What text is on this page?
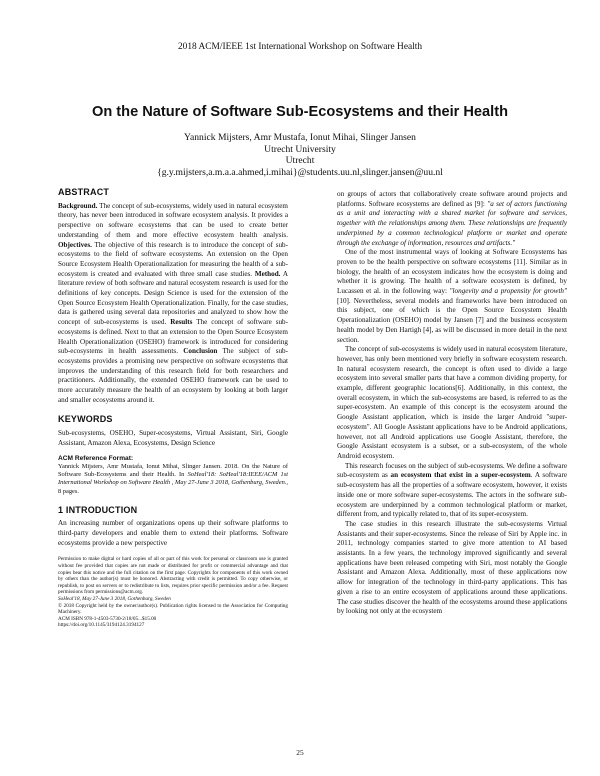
2018 ACM/IEEE 1st International Workshop on Software Health
On the Nature of Software Sub-Ecosystems and their Health
Yannick Mijsters, Amr Mustafa, Ionut Mihai, Slinger Jansen
Utrecht University
Utrecht
{g.y.mijsters,a.m.a.a.ahmed,i.mihai}@students.uu.nl,slinger.jansen@uu.nl
ABSTRACT

Background. The concept of sub-ecosystems, widely used in natural ecosystem theory, has never been introduced in software ecosystem analysis. It provides a perspective on software ecosystems that can be used to create better understanding of them and more effective ecosystem health analysis. Objectives. The objective of this research is to introduce the concept of sub-ecosystems to the field of software ecosystems. An extension on the Open Source Ecosystem Health Operationalization for measuring the health of a sub-ecosystem is created and evaluated with three small case studies. Method. A literature review of both software and natural ecosystem research is used for the definitions of key concepts. Design Science is used for the extension of the Open Source Ecosystem Health Operationalization. Finally, for the case studies, data is gathered using several data repositories and analyzed to show how the concept of sub-ecosystems is used. Results The concept of software sub-ecosystems is defined. Next to that an extension to the Open Source Ecosystem Health Operationalization (OSEHO) framework is introduced for considering sub-ecosystems in health assessments. Conclusion The subject of sub-ecosystems provides a promising new perspective on software ecosystems that improves the understanding of this research field for both researchers and practitioners. Additionally, the extended OSEHO framework can be used to more accurately measure the health of an ecosystem by looking at both larger and smaller ecosystems around it.

KEYWORDS

Sub-ecosystems, OSEHO, Super-ecosystems, Virtual Assistant, Siri, Google Assistant, Amazon Alexa, Ecosystems, Design Science

ACM Reference Format:

Yannick Mijsters, Amr Mustafa, Ionut Mihai, Slinger Jansen. 2018. On the Nature of Software Sub-Ecosystems and their Health. In SoHeal'18: SoHeal'18:IEEE/ACM 1st International Workshop on Software Health , May 27-June 3 2018, Gothenburg, Sweden., 8 pages.

1 INTRODUCTION

An increasing number of organizations opens up their software platforms to third-party developers and enable them to extend their platforms. Software ecosystems provide a new perspective

Permission to make digital or hard copies of all or part of this work for personal or classroom use is granted without fee provided that copies are not made or distributed for profit or commercial advantage and that copies bear this notice and the full citation on the first page. Copyrights for components of this work owned by others than the author(s) must be honored. Abstracting with credit is permitted. To copy otherwise, or republish, to post on servers or to redistribute to lists, requires prior specific permission and/or a fee. Request permissions from permissions@acm.org.
SoHeal'18, May 27-June 3 2018, Gothenburg, Sweden
© 2018 Copyright held by the owner/author(s). Publication rights licensed to the Association for Computing Machinery.
ACM ISBN 978-1-4503-5730-2/18/05...$15.00
https://doi.org/10.1145/3194124.3194127

on groups of actors that collaboratively create software around projects and platforms. Software ecosystems are defined as [9]: "a set of actors functioning as a unit and interacting with a shared market for software and services, together with the relationships among them. These relationships are frequently underpinned by a common technological platform or market and operate through the exchange of information, resources and artifacts."

One of the most instrumental ways of looking at Software Ecosystems has proven to be the health perspective on software ecosystems [11]. Similar as in biology, the health of an ecosystem indicates how the ecosystem is doing and whether it is growing. The health of a software ecosystem is defined, by Lucassen et al. in the following way: "longevity and a propensity for growth"[10]. Nevertheless, several models and frameworks have been introduced on this subject, one of which is the Open Source Ecosystem Health Operationalization (OSEHO) model by Jansen [7] and the business ecosystem health model by Den Hartigh [4], as will be discussed in more detail in the next section.

The concept of sub-ecosystems is widely used in natural ecosystem literature, however, has only been mentioned very briefly in software ecosystem research. In natural ecosystem research, the concept is often used to divide a large ecosystem into several smaller parts that have a common dividing property, for example, different geographic locations[6]. Additionally, in this context, the overall ecosystem, in which the sub-ecosystems are based, is referred to as the super-ecosystem. An example of this concept is the ecosystem around the Google Assistant application, which is inside the larger Android "super-ecosystem". All Google Assistant applications have to be Android applications, however, not all Android applications use Google Assistant, therefore, the Google Assistant ecosystem is a subset, or a sub-ecosystem, of the whole Android ecosystem.

This research focuses on the subject of sub-ecosystems. We define a software sub-ecosystem as an ecosystem that exist in a super-ecosystem. A software sub-ecosystem has all the properties of a software ecosystem, however, it exists inside one or more software super-ecosystems. The actors in the software sub-ecosystem are underpinned by a common technological platform or market, different from, and typically related to, that of its super-ecosystem.

The case studies in this research illustrate the sub-ecosystems Virtual Assistants and their super-ecosystems. Since the release of Siri by Apple inc. in 2011, technology companies started to give more attention to AI based assistants. In a few years, the technology improved significantly and several applications have been released competing with Siri, most notably the Google Assistant and Amazon Alexa. Additionally, most of these applications now allow for integration of the technology in third-party applications. This has given a rise to an entire ecosystem of applications around these applications. The case studies discover the health of the ecosystems around these applications by looking not only at the ecosystem

25
